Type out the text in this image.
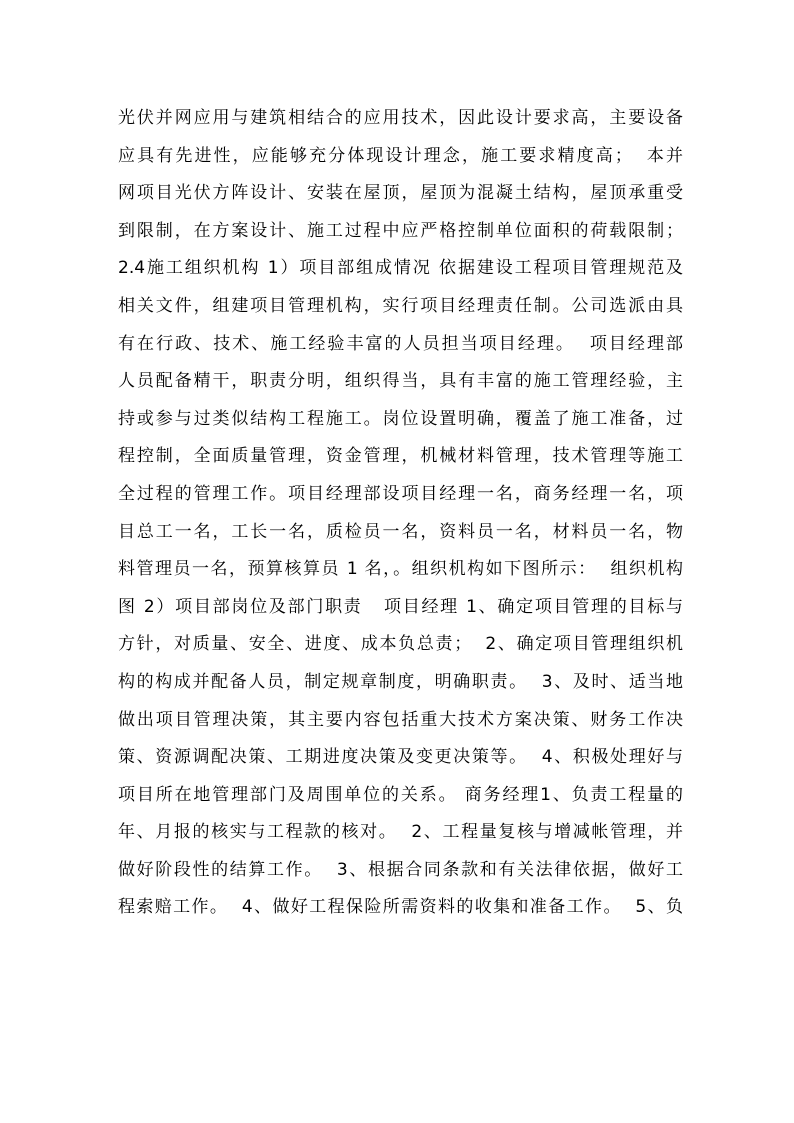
光伏并网应用与建筑相结合的应用技术，因此设计要求高，主要设备
应具有先进性，应能够充分体现设计理念，施工要求精度高；  本并
网项目光伏方阵设计、安装在屋顶，屋顶为混凝土结构，屋顶承重受
到限制，在方案设计、施工过程中应严格控制单位面积的荷载限制；
2.4施工组织机构 1）项目部组成情况 依据建设工程项目管理规范及
相关文件，组建项目管理机构，实行项目经理责任制。公司选派由具
有在行政、技术、施工经验丰富的人员担当项目经理。  项目经理部
人员配备精干，职责分明，组织得当，具有丰富的施工管理经验，主
持或参与过类似结构工程施工。岗位设置明确，覆盖了施工准备，过
程控制，全面质量管理，资金管理，机械材料管理，技术管理等施工
全过程的管理工作。项目经理部设项目经理一名，商务经理一名，项
目总工一名，工长一名，质检员一名，资料员一名，材料员一名，物
料管理员一名，预算核算员 1 名，。组织机构如下图所示：  组织机构
图 2）项目部岗位及部门职责   项目经理 1、确定项目管理的目标与
方针，对质量、安全、进度、成本负总责；  2、确定项目管理组织机
构的构成并配备人员，制定规章制度，明确职责。  3、及时、适当地
做出项目管理决策，其主要内容包括重大技术方案决策、财务工作决
策、资源调配决策、工期进度决策及变更决策等。  4、积极处理好与
项目所在地管理部门及周围单位的关系。 商务经理1、负责工程量的
年、月报的核实与工程款的核对。  2、工程量复核与增减帐管理，并
做好阶段性的结算工作。  3、根据合同条款和有关法律依据，做好工
程索赔工作。  4、做好工程保险所需资料的收集和准备工作。  5、负
